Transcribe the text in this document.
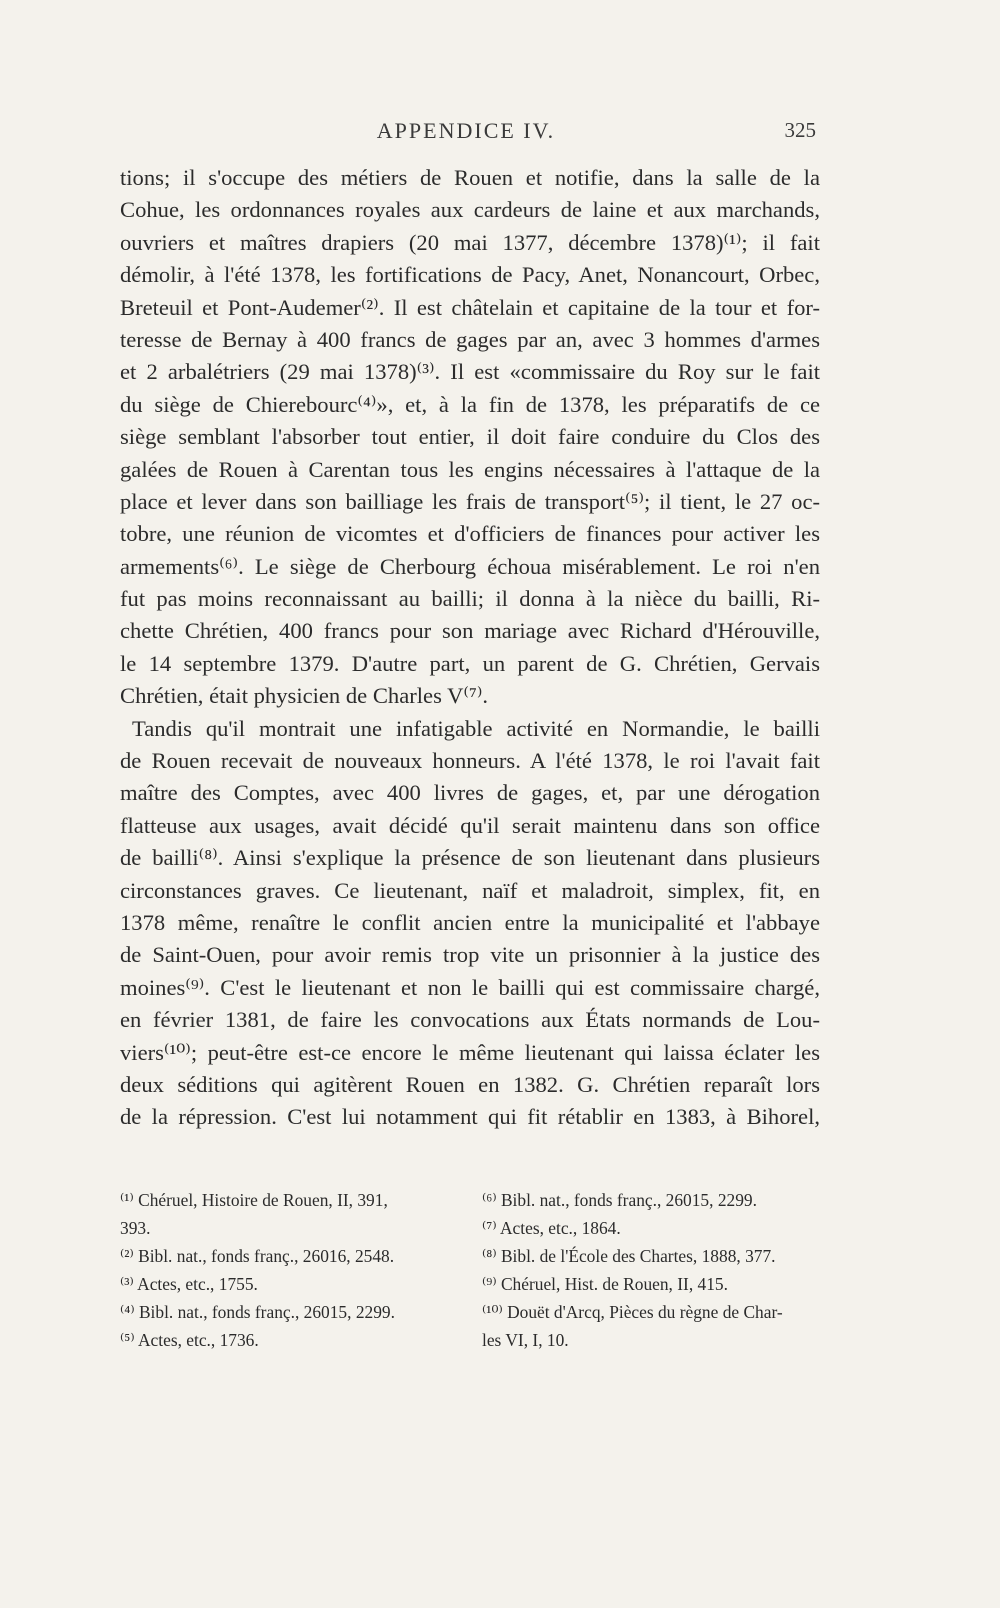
APPENDICE IV.	325
tions; il s'occupe des métiers de Rouen et notifie, dans la salle de la
Cohue, les ordonnances royales aux cardeurs de laine et aux marchands,
ouvriers et maîtres drapiers (20 mai 1377, décembre 1378)⁽¹⁾; il fait
démolir, à l'été 1378, les fortifications de Pacy, Anet, Nonancourt, Orbec,
Breteuil et Pont-Audemer⁽²⁾. Il est châtelain et capitaine de la tour et for-
teresse de Bernay à 400 francs de gages par an, avec 3 hommes d'armes
et 2 arbalétriers (29 mai 1378)⁽³⁾. Il est «commissaire du Roy sur le fait
du siège de Chierebourc⁽⁴⁾», et, à la fin de 1378, les préparatifs de ce
siège semblant l'absorber tout entier, il doit faire conduire du Clos des
galées de Rouen à Carentan tous les engins nécessaires à l'attaque de la
place et lever dans son bailliage les frais de transport⁽⁵⁾; il tient, le 27 oc-
tobre, une réunion de vicomtes et d'officiers de finances pour activer les
armements⁽⁶⁾. Le siège de Cherbourg échoua misérablement. Le roi n'en
fut pas moins reconnaissant au bailli; il donna à la nièce du bailli, Ri-
chette Chrétien, 400 francs pour son mariage avec Richard d'Hérouville,
le 14 septembre 1379. D'autre part, un parent de G. Chrétien, Gervais
Chrétien, était physicien de Charles V⁽⁷⁾.
Tandis qu'il montrait une infatigable activité en Normandie, le bailli
de Rouen recevait de nouveaux honneurs. A l'été 1378, le roi l'avait fait
maître des Comptes, avec 400 livres de gages, et, par une dérogation
flatteuse aux usages, avait décidé qu'il serait maintenu dans son office
de bailli⁽⁸⁾. Ainsi s'explique la présence de son lieutenant dans plusieurs
circonstances graves. Ce lieutenant, naïf et maladroit, simplex, fit, en
1378 même, renaître le conflit ancien entre la municipalité et l'abbaye
de Saint-Ouen, pour avoir remis trop vite un prisonnier à la justice des
moines⁽⁹⁾. C'est le lieutenant et non le bailli qui est commissaire chargé,
en février 1381, de faire les convocations aux États normands de Lou-
viers⁽¹⁰⁾; peut-être est-ce encore le même lieutenant qui laissa éclater les
deux séditions qui agitèrent Rouen en 1382. G. Chrétien reparaît lors
de la répression. C'est lui notamment qui fit rétablir en 1383, à Bihorel,
⁽¹⁾ Chéruel, Histoire de Rouen, II, 391,
393.
⁽²⁾ Bibl. nat., fonds franç., 26016, 2548.
⁽³⁾ Actes, etc., 1755.
⁽⁴⁾ Bibl. nat., fonds franç., 26015, 2299.
⁽⁵⁾ Actes, etc., 1736.
⁽⁶⁾ Bibl. nat., fonds franç., 26015, 2299.
⁽⁷⁾ Actes, etc., 1864.
⁽⁸⁾ Bibl. de l'École des Chartes, 1888, 377.
⁽⁹⁾ Chéruel, Hist. de Rouen, II, 415.
⁽¹⁰⁾ Douët d'Arcq, Pièces du règne de Char-
les VI, I, 10.
